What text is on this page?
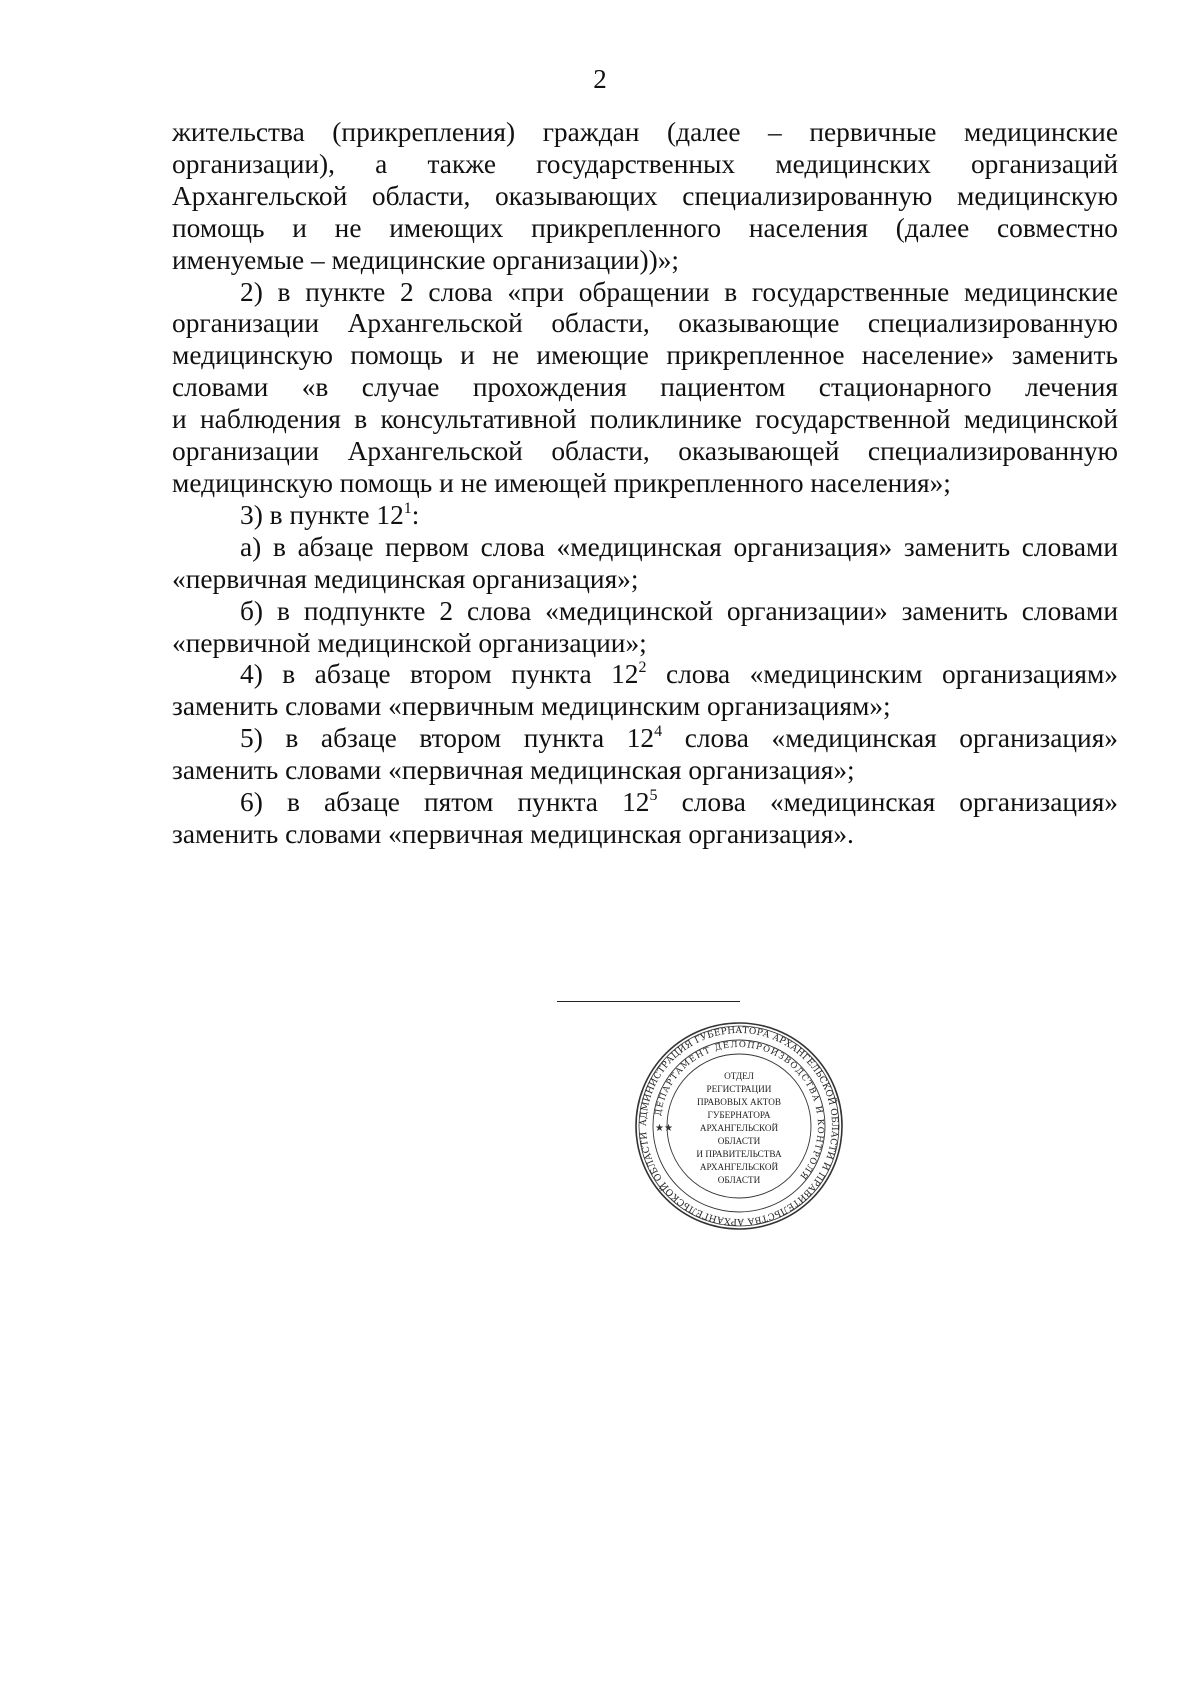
2

жительства (прикрепления) граждан (далее – первичные медицинские

организации), а также государственных медицинских организаций

Архангельской области, оказывающих специализированную медицинскую

помощь и не имеющих прикрепленного населения (далее совместно

именуемые – медицинские организации))»;

2) в пункте 2 слова «при обращении в государственные медицинские

организации Архангельской области, оказывающие специализированную

медицинскую помощь и не имеющие прикрепленное население» заменить

словами «в случае прохождения пациентом стационарного лечения

и наблюдения в консультативной поликлинике государственной медицинской

организации Архангельской области, оказывающей специализированную

медицинскую помощь и не имеющей прикрепленного населения»;

3) в пункте $12^1$:

а) в абзаце первом слова «медицинская организация» заменить словами

«первичная медицинская организация»;

б) в подпункте 2 слова «медицинской организации» заменить словами

«первичной медицинской организации»;

4) в абзаце втором пункта $12^2$ слова «медицинским организациям»

заменить словами «первичным медицинским организациям»;

5) в абзаце втором пункта $12^4$ слова «медицинская организация»

заменить словами «первичная медицинская организация»;

6) в абзаце пятом пункта $12^5$ слова «медицинская организация»

заменить словами «первичная медицинская организация».

АДМИНИСТРАЦИЯ ГУБЕРНАТОРА АРХАНГЕЛЬСКОЙ ОБЛАСТИ И ПРАВИТЕЛЬСТВА АРХАНГЕЛЬСКОЙ ОБЛАСТИ
ДЕПАРТАМЕНТ ДЕЛОПРОИЗВОДСТВА И КОНТРОЛЯ
ОТДЕЛ
РЕГИСТРАЦИИ
ПРАВОВЫХ АКТОВ
ГУБЕРНАТОРА
АРХАНГЕЛЬСКОЙ
ОБЛАСТИ
И ПРАВИТЕЛЬСТВА
АРХАНГЕЛЬСКОЙ
ОБЛАСТИ
★★
